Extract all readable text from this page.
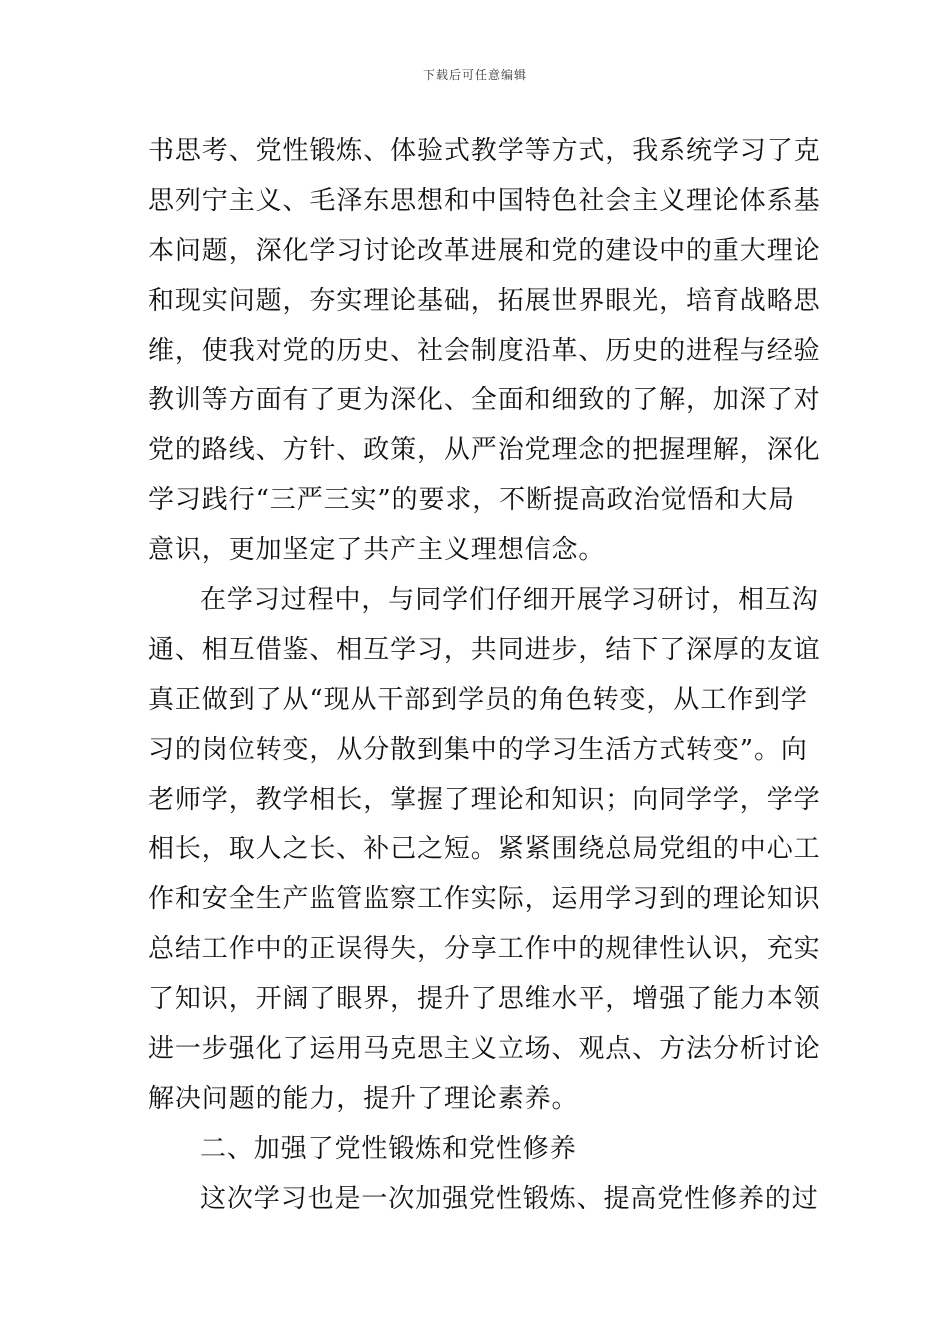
下载后可任意编辑
书思考、党性锻炼、体验式教学等方式，我系统学习了克
思列宁主义、毛泽东思想和中国特色社会主义理论体系基
本问题，深化学习讨论改革进展和党的建设中的重大理论
和现实问题，夯实理论基础，拓展世界眼光，培育战略思
维，使我对党的历史、社会制度沿革、历史的进程与经验
教训等方面有了更为深化、全面和细致的了解，加深了对
党的路线、方针、政策，从严治党理念的把握理解，深化
学习践行“三严三实”的要求，不断提高政治觉悟和大局
意识，更加坚定了共产主义理想信念。
在学习过程中，与同学们仔细开展学习研讨，相互沟
通、相互借鉴、相互学习，共同进步，结下了深厚的友谊
真正做到了从“现从干部到学员的角色转变，从工作到学
习的岗位转变，从分散到集中的学习生活方式转变”。向
老师学，教学相长，掌握了理论和知识；向同学学，学学
相长，取人之长、补己之短。紧紧围绕总局党组的中心工
作和安全生产监管监察工作实际，运用学习到的理论知识
总结工作中的正误得失，分享工作中的规律性认识，充实
了知识，开阔了眼界，提升了思维水平，增强了能力本领
进一步强化了运用马克思主义立场、观点、方法分析讨论
解决问题的能力，提升了理论素养。
二、加强了党性锻炼和党性修养
这次学习也是一次加强党性锻炼、提高党性修养的过
